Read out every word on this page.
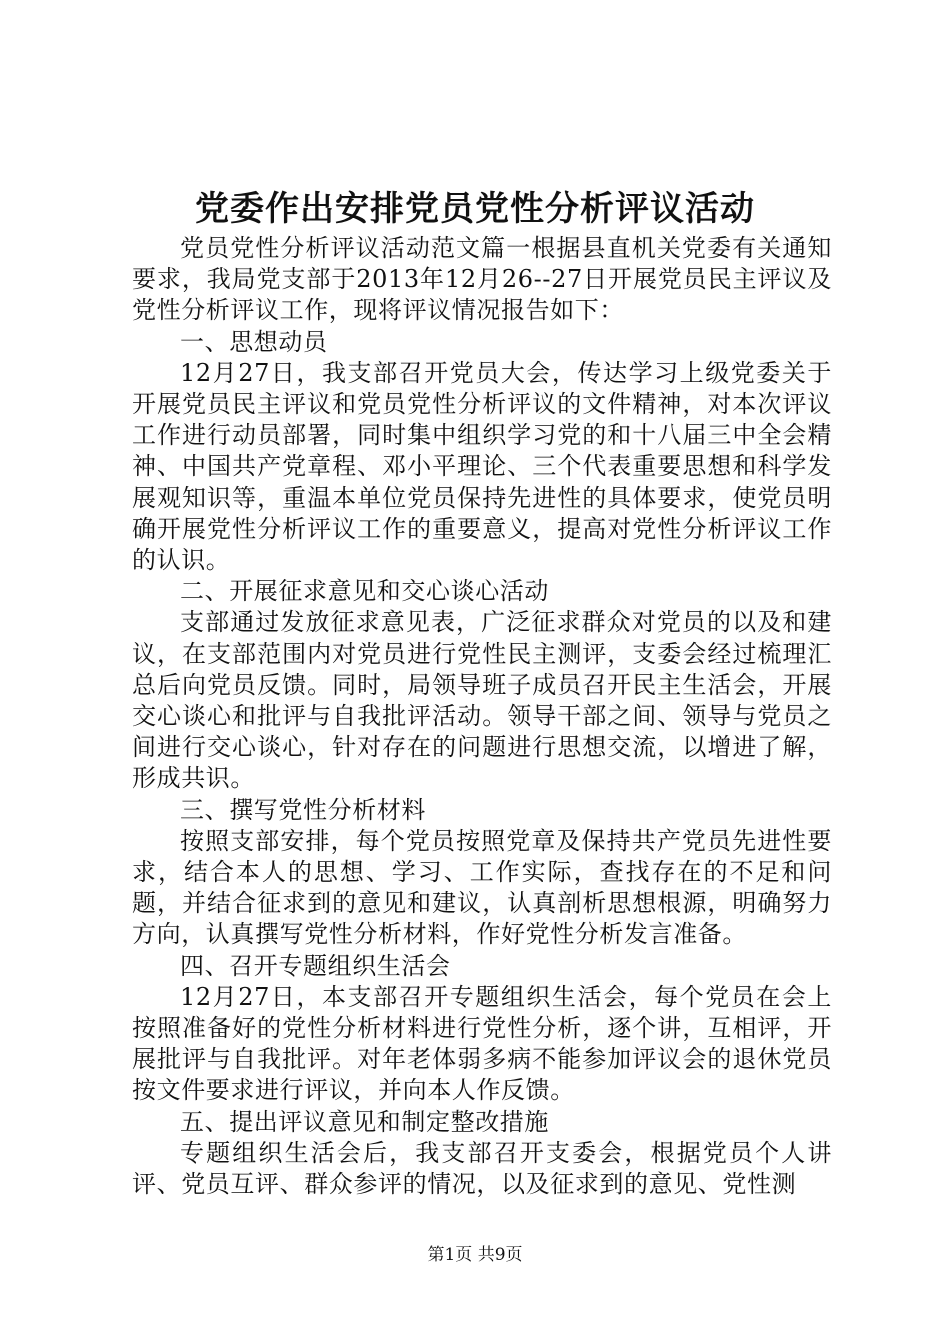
党委作出安排党员党性分析评议活动

党员党性分析评议活动范文篇一根据县直机关党委有关通知要求，我局党支部于2013年12月26--27日开展党员民主评议及党性分析评议工作，现将评议情况报告如下：

一、思想动员

12月27日，我支部召开党员大会，传达学习上级党委关于开展党员民主评议和党员党性分析评议的文件精神，对本次评议工作进行动员部署，同时集中组织学习党的和十八届三中全会精神、中国共产党章程、邓小平理论、三个代表重要思想和科学发展观知识等，重温本单位党员保持先进性的具体要求，使党员明确开展党性分析评议工作的重要意义，提高对党性分析评议工作的认识。

二、开展征求意见和交心谈心活动

支部通过发放征求意见表，广泛征求群众对党员的以及和建议，在支部范围内对党员进行党性民主测评，支委会经过梳理汇总后向党员反馈。同时，局领导班子成员召开民主生活会，开展交心谈心和批评与自我批评活动。领导干部之间、领导与党员之间进行交心谈心，针对存在的问题进行思想交流，以增进了解，形成共识。

三、撰写党性分析材料

按照支部安排，每个党员按照党章及保持共产党员先进性要求，结合本人的思想、学习、工作实际，查找存在的不足和问题，并结合征求到的意见和建议，认真剖析思想根源，明确努力方向，认真撰写党性分析材料，作好党性分析发言准备。

四、召开专题组织生活会

12月27日，本支部召开专题组织生活会，每个党员在会上按照准备好的党性分析材料进行党性分析，逐个讲，互相评，开展批评与自我批评。对年老体弱多病不能参加评议会的退休党员按文件要求进行评议，并向本人作反馈。

五、提出评议意见和制定整改措施

专题组织生活会后，我支部召开支委会，根据党员个人讲评、党员互评、群众参评的情况，以及征求到的意见、党性测

第1页 共9页
